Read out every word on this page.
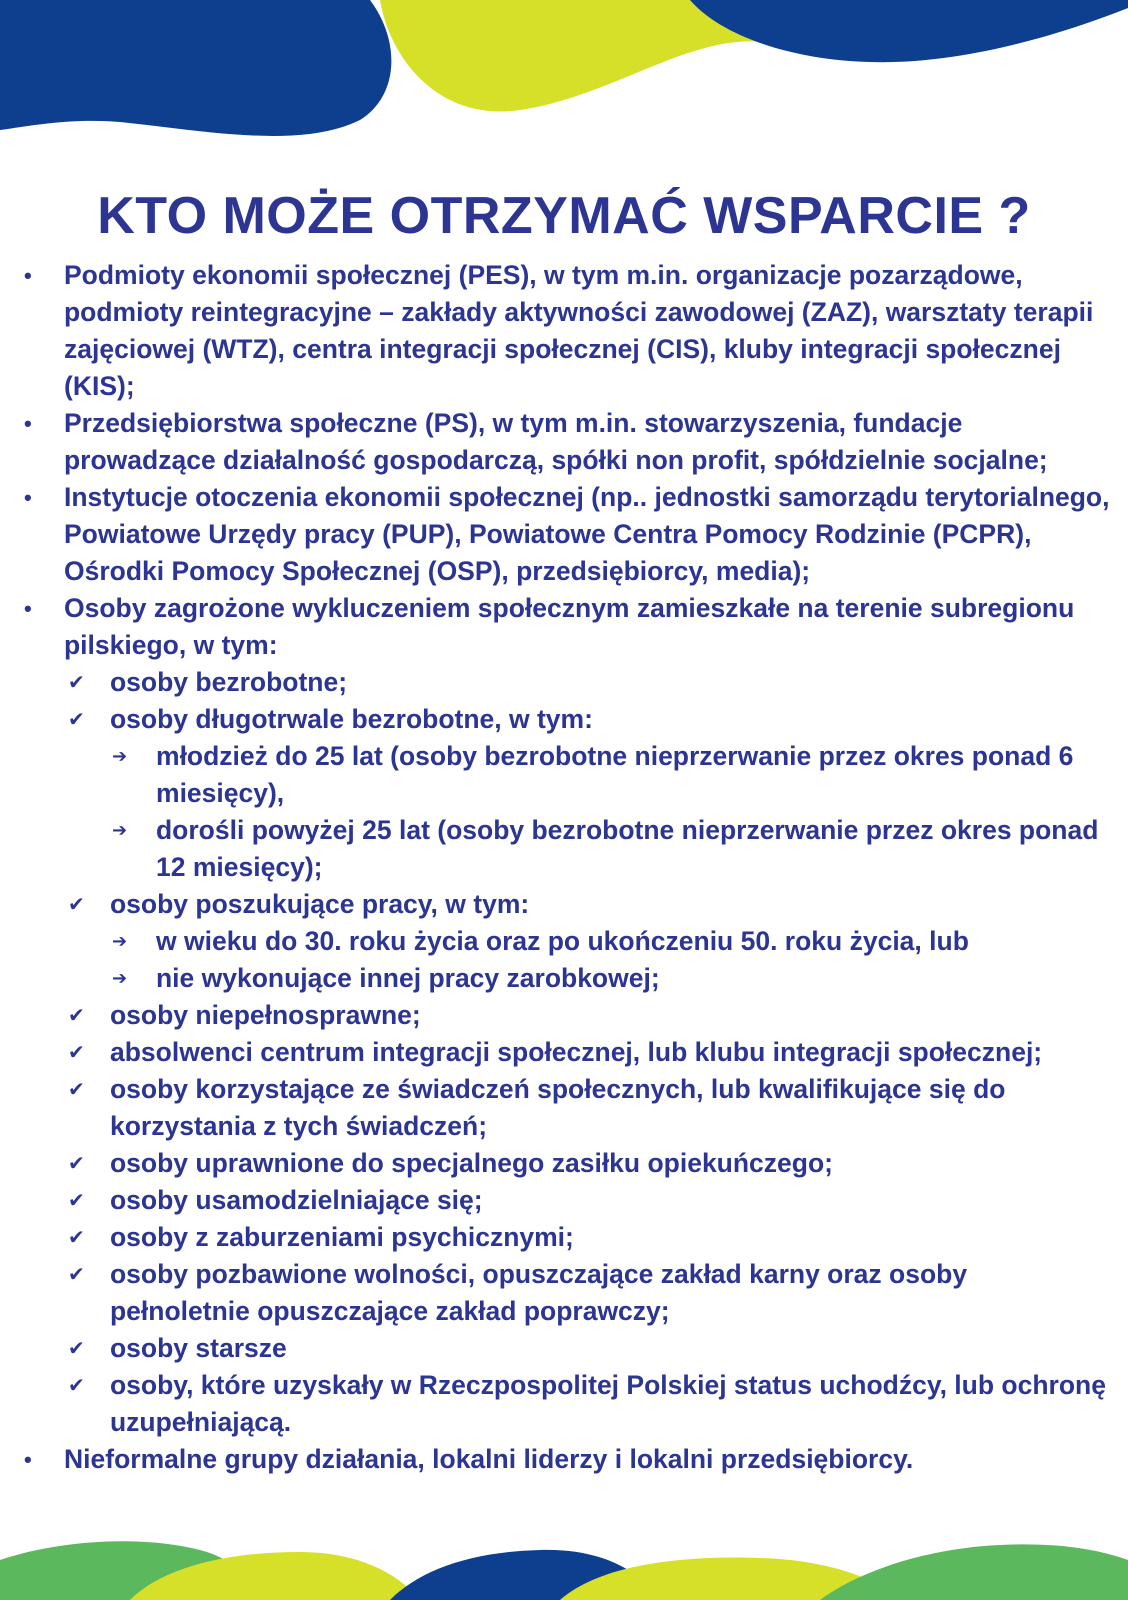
KTO MOŻE OTRZYMAĆ WSPARCIE ?
• Podmioty ekonomii społecznej (PES), w tym m.in. organizacje pozarządowe, podmioty reintegracyjne – zakłady aktywności zawodowej (ZAZ), warsztaty terapii zajęciowej (WTZ), centra integracji społecznej (CIS), kluby integracji społecznej (KIS);
• Przedsiębiorstwa społeczne (PS), w tym m.in. stowarzyszenia, fundacje prowadzące działalność gospodarczą, spółki non profit, spółdzielnie socjalne;
• Instytucje otoczenia ekonomii społecznej (np.. jednostki samorządu terytorialnego, Powiatowe Urzędy pracy (PUP), Powiatowe Centra Pomocy Rodzinie (PCPR), Ośrodki Pomocy Społecznej (OSP), przedsiębiorcy, media);
• Osoby zagrożone wykluczeniem społecznym zamieszkałe na terenie subregionu pilskiego, w tym:
✔ osoby bezrobotne;
✔ osoby długotrwale bezrobotne, w tym:
➔ młodzież do 25 lat (osoby bezrobotne nieprzerwanie przez okres ponad 6 miesięcy),
➔ dorośli powyżej 25 lat (osoby bezrobotne nieprzerwanie przez okres ponad 12 miesięcy);
✔ osoby poszukujące pracy, w tym:
➔ w wieku do 30. roku życia oraz po ukończeniu 50. roku życia, lub
➔ nie wykonujące innej pracy zarobkowej;
✔ osoby niepełnosprawne;
✔ absolwenci centrum integracji społecznej, lub klubu integracji społecznej;
✔ osoby korzystające ze świadczeń społecznych, lub kwalifikujące się do korzystania z tych świadczeń;
✔ osoby uprawnione do specjalnego zasiłku opiekuńczego;
✔ osoby usamodzielniające się;
✔ osoby z zaburzeniami psychicznymi;
✔ osoby pozbawione wolności, opuszczające zakład karny oraz osoby pełnoletnie opuszczające zakład poprawczy;
✔ osoby starsze
✔ osoby, które uzyskały w Rzeczpospolitej Polskiej status uchodźcy, lub ochronę uzupełniającą.
• Nieformalne grupy działania, lokalni liderzy i lokalni przedsiębiorcy.
